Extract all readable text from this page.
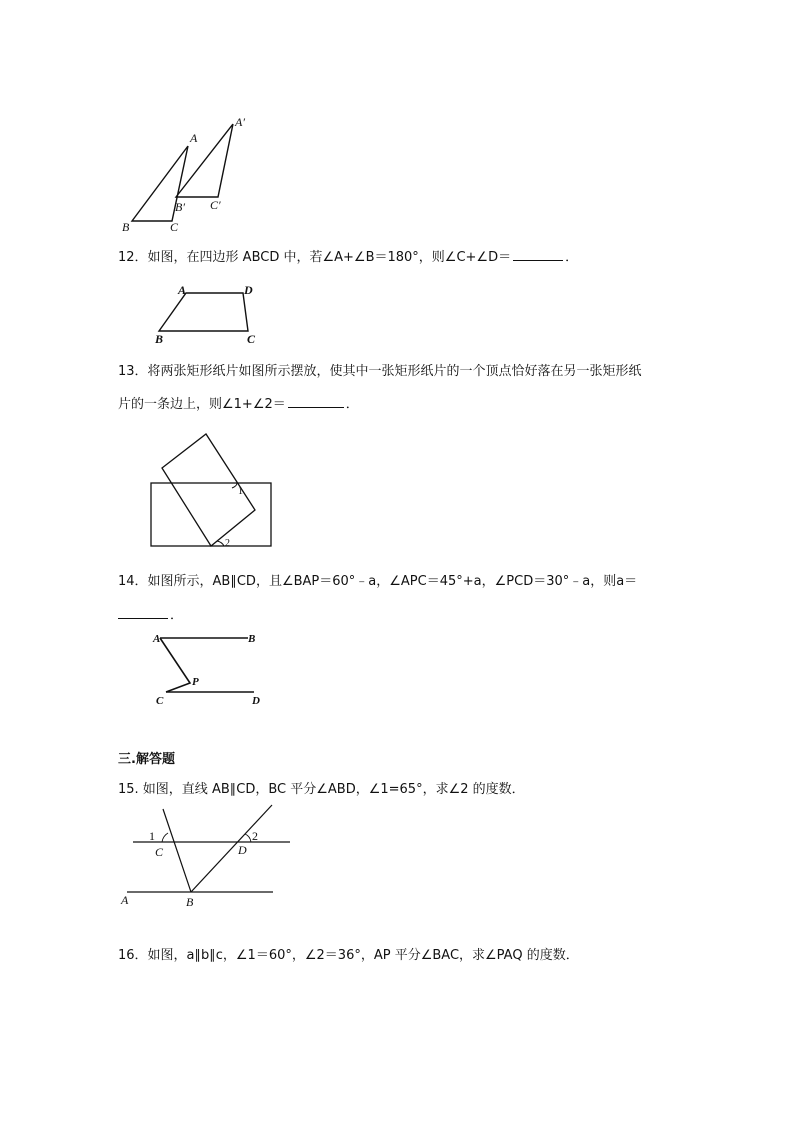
A
A′
B	C
B′ C′
12．如图，在四边形 ABCD 中，若∠A+∠B＝180°，则∠C+∠D＝	．
A	D
B	C
13．将两张矩形纸片如图所示摆放，使其中一张矩形纸片的一个顶点恰好落在另一张矩形纸
片的一条边上，则∠1+∠2＝	．
1
2
14．如图所示，AB∥CD，且∠BAP＝60°﹣a，∠APC＝45°+a，∠PCD＝30°﹣a，则a＝
．
A	B
P
C	D
三.解答题
15. 如图，直线 AB∥CD，BC 平分∠ABD，∠1=65°，求∠2 的度数．
1	2
C	D
A	B
16．如图，a∥b∥c，∠1＝60°，∠2＝36°，AP 平分∠BAC，求∠PAQ 的度数．
